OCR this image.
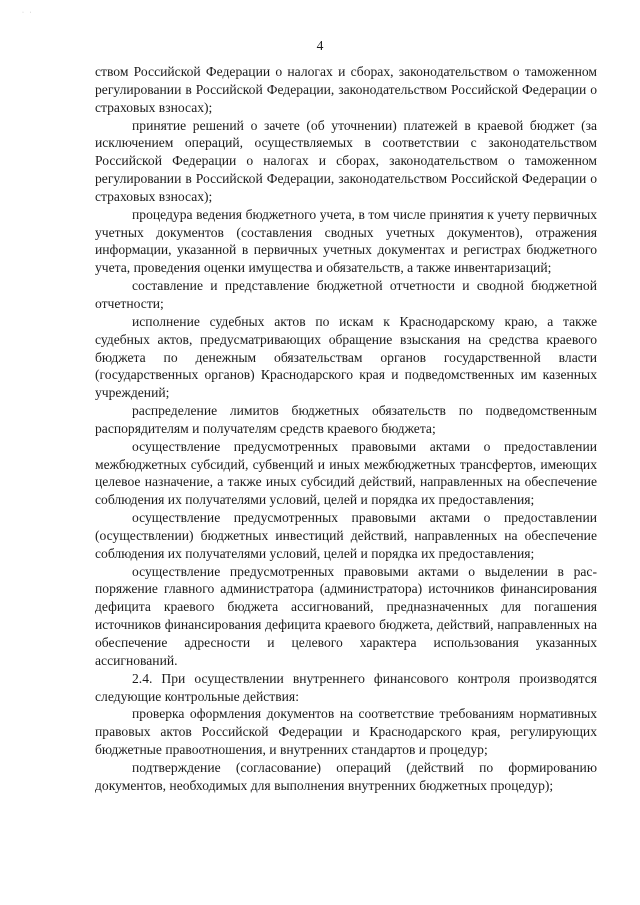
· ·
4

ством Российской Федерации о налогах и сборах, законодательством о таможенном регулировании в Российской Федерации, законодательством Российской Федерации о страховых взносах);

принятие решений о зачете (об уточнении) платежей в краевой бюджет (за исключением операций, осуществляемых в соответствии с законодательством Российской Федерации о налогах и сборах, законодательством о таможенном регулировании в Российской Федерации, законодательством Российской Федерации о страховых взносах);

процедура ведения бюджетного учета, в том числе принятия к учету первичных учетных документов (составления сводных учетных документов), отражения информации, указанной в первичных учетных документах и регистрах бюджетного учета, проведения оценки имущества и обязательств, а также инвентаризаций;

составление и представление бюджетной отчетности и сводной бюджетной отчетности;

исполнение судебных актов по искам к Краснодарскому краю, а также судебных актов, предусматривающих обращение взыскания на средства краевого бюджета по денежным обязательствам органов государственной власти (государственных органов) Краснодарского края и подведомственных им казенных учреждений;

распределение лимитов бюджетных обязательств по подведомственным распорядителям и получателям средств краевого бюджета;

осуществление предусмотренных правовыми актами о предоставлении межбюджетных субсидий, субвенций и иных межбюджетных трансфертов, имеющих целевое назначение, а также иных субсидий действий, направленных на обеспечение соблюдения их получателями условий, целей и порядка их предоставления;

осуществление предусмотренных правовыми актами о предоставлении (осуществлении) бюджетных инвестиций действий, направленных на обеспечение соблюдения их получателями условий, целей и порядка их предоставления;

осуществление предусмотренных правовыми актами о выделении в распоряжение главного администратора (администратора) источников финансирования дефицита краевого бюджета ассигнований, предназначенных для погашения источников финансирования дефицита краевого бюджета, действий, направленных на обеспечение адресности и целевого характера использования указанных ассигнований.

2.4. При осуществлении внутреннего финансового контроля производятся следующие контрольные действия:

проверка оформления документов на соответствие требованиям нормативных правовых актов Российской Федерации и Краснодарского края, регулирующих бюджетные правоотношения, и внутренних стандартов и процедур;

подтверждение (согласование) операций (действий по формированию документов, необходимых для выполнения внутренних бюджетных процедур);
